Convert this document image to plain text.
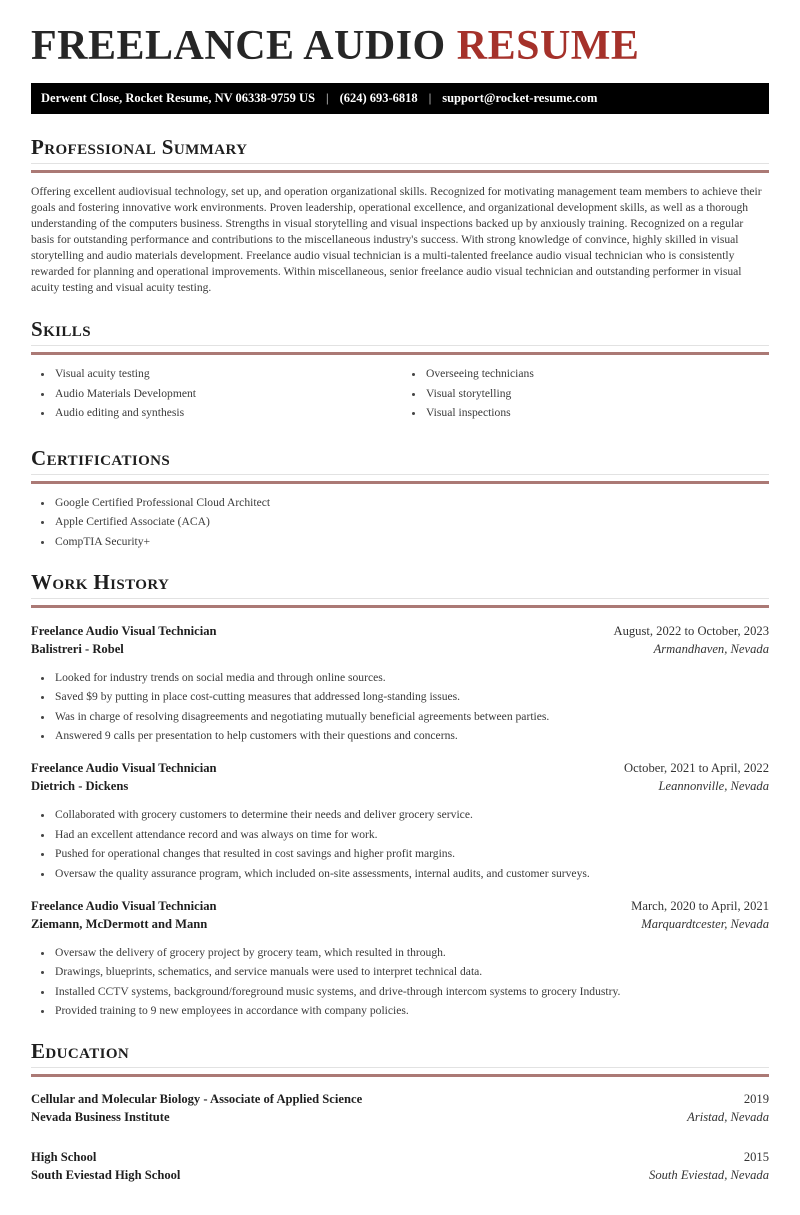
FREELANCE AUDIO RESUME
Derwent Close, Rocket Resume, NV 06338-9759 US | (624) 693-6818 | support@rocket-resume.com
Professional Summary

Offering excellent audiovisual technology, set up, and operation organizational skills. Recognized for motivating management team members to achieve their goals and fostering innovative work environments. Proven leadership, operational excellence, and organizational development skills, as well as a thorough understanding of the computers business. Strengths in visual storytelling and visual inspections backed up by anxiously training. Recognized on a regular basis for outstanding performance and contributions to the miscellaneous industry's success. With strong knowledge of convince, highly skilled in visual storytelling and audio materials development. Freelance audio visual technician is a multi-talented freelance audio visual technician who is consistently rewarded for planning and operational improvements. Within miscellaneous, senior freelance audio visual technician and outstanding performer in visual acuity testing and visual acuity testing.

Skills
• Visual acuity testing
• Audio Materials Development
• Audio editing and synthesis
• Overseeing technicians
• Visual storytelling
• Visual inspections
Certifications
• Google Certified Professional Cloud Architect
• Apple Certified Associate (ACA)
• CompTIA Security+
Work History
Freelance Audio Visual Technician	August, 2022 to October, 2023
Balistreri - Robel	Armandhaven, Nevada
• Looked for industry trends on social media and through online sources.
• Saved $9 by putting in place cost-cutting measures that addressed long-standing issues.
• Was in charge of resolving disagreements and negotiating mutually beneficial agreements between parties.
• Answered 9 calls per presentation to help customers with their questions and concerns.
Freelance Audio Visual Technician	October, 2021 to April, 2022
Dietrich - Dickens	Leannonville, Nevada
• Collaborated with grocery customers to determine their needs and deliver grocery service.
• Had an excellent attendance record and was always on time for work.
• Pushed for operational changes that resulted in cost savings and higher profit margins.
• Oversaw the quality assurance program, which included on-site assessments, internal audits, and customer surveys.
Freelance Audio Visual Technician	March, 2020 to April, 2021
Ziemann, McDermott and Mann	Marquardtcester, Nevada
• Oversaw the delivery of grocery project by grocery team, which resulted in through.
• Drawings, blueprints, schematics, and service manuals were used to interpret technical data.
• Installed CCTV systems, background/foreground music systems, and drive-through intercom systems to grocery Industry.
• Provided training to 9 new employees in accordance with company policies.
Education
Cellular and Molecular Biology - Associate of Applied Science	2019
Nevada Business Institute	Aristad, Nevada
High School	2015
South Eviestad High School	South Eviestad, Nevada
